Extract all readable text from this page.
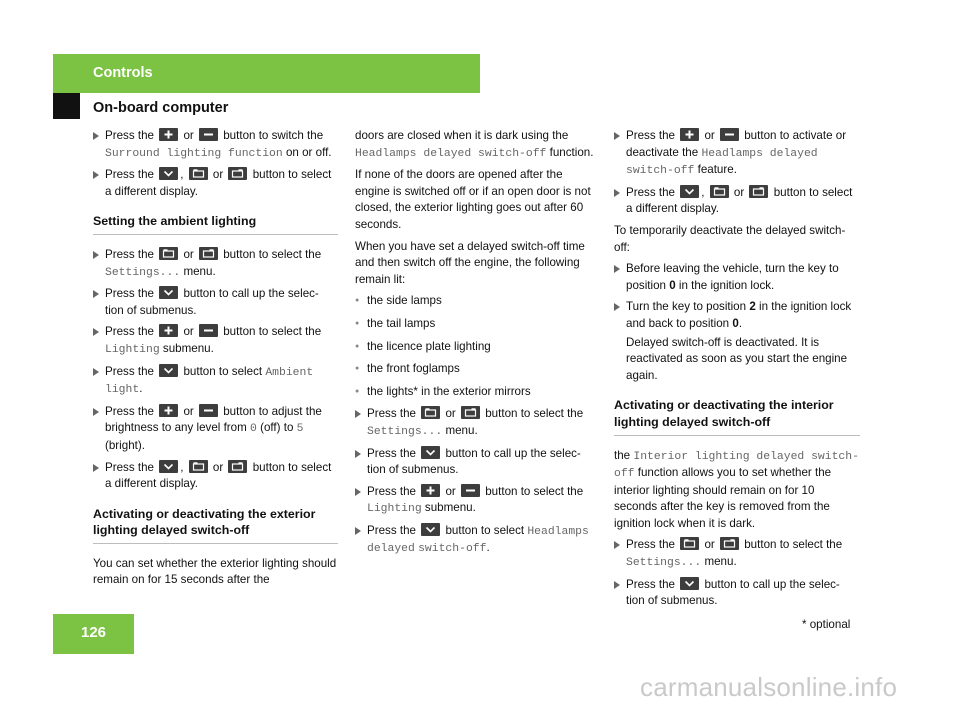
Controls
On-board computer
Press the	or	button to switch the Surround lighting function on or off.
Press the ,	or	button to select a different display.
Setting the ambient lighting
Press the	or	button to select the Settings... menu.
Press the	button to call up the selec- tion of submenus.
Press the	or	button to select the Lighting submenu.
Press the	button to select Ambient light.
Press the	or	button to adjust the brightness to any level from 0 (off) to 5 (bright).
Press the ,	or	button to select a different display.
Activating or deactivating the exterior lighting delayed switch-off
You can set whether the exterior lighting should remain on for 15 seconds after the
doors are closed when it is dark using the Headlamps delayed switch-off function.
If none of the doors are opened after the engine is switched off or if an open door is not closed, the exterior lighting goes out after 60 seconds.
When you have set a delayed switch-off time and then switch off the engine, the following remain lit:
● the side lamps
● the tail lamps
● the licence plate lighting
● the front foglamps
● the lights* in the exterior mirrors
Press the	or	button to select the Settings... menu.
Press the	button to call up the selec- tion of submenus.
Press the	or	button to select the Lighting submenu.
Press the	button to select Headlamps delayed switch-off.
Press the	or	button to activate or deactivate the Headlamps delayed switch-off feature.
Press the ,	or	button to select a different display.
To temporarily deactivate the delayed switch-off:
Before leaving the vehicle, turn the key to position 0 in the ignition lock.
Turn the key to position 2 in the ignition lock and back to position 0.
Delayed switch-off is deactivated. It is reactivated as soon as you start the engine again.
Activating or deactivating the interior lighting delayed switch-off
the Interior lighting delayed switch- off function allows you to set whether the interior lighting should remain on for 10 seconds after the key is removed from the ignition lock when it is dark.
Press the	or	button to select the Settings... menu.
Press the	button to call up the selec- tion of submenus.
126	* optional
carmanualsonline.info
